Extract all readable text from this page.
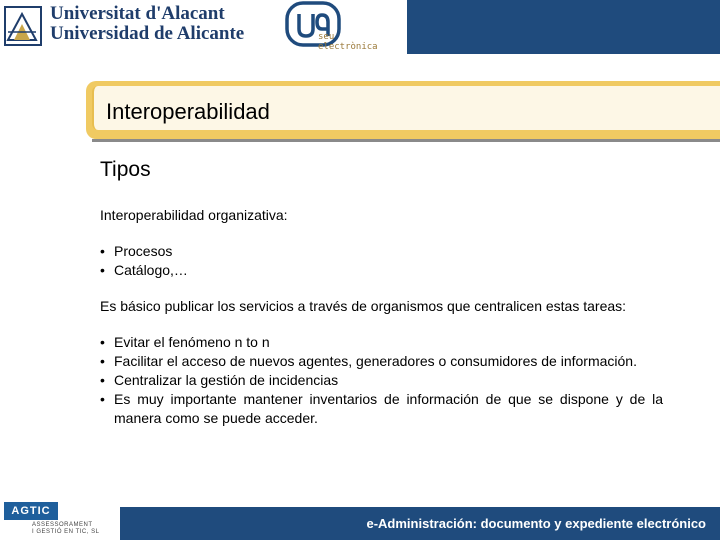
Universitat d'Alacant
Universidad de Alicante	seu
electrònica
Interoperabilidad
Tipos

Interoperabilidad organizativa:

• Procesos
• Catálogo,…

Es básico publicar los servicios a través de organismos que centralicen estas tareas:

• Evitar el fenómeno n to n
• Facilitar el acceso de nuevos agentes, generadores o consumidores de información.
• Centralizar la gestión de incidencias
• Es muy importante mantener inventarios de información de que se dispone y de la manera como se puede acceder.
AGTIC
ASSESSORAMENT
I GESTIÓ EN TIC, SL
e-Administración: documento y expediente electrónico
